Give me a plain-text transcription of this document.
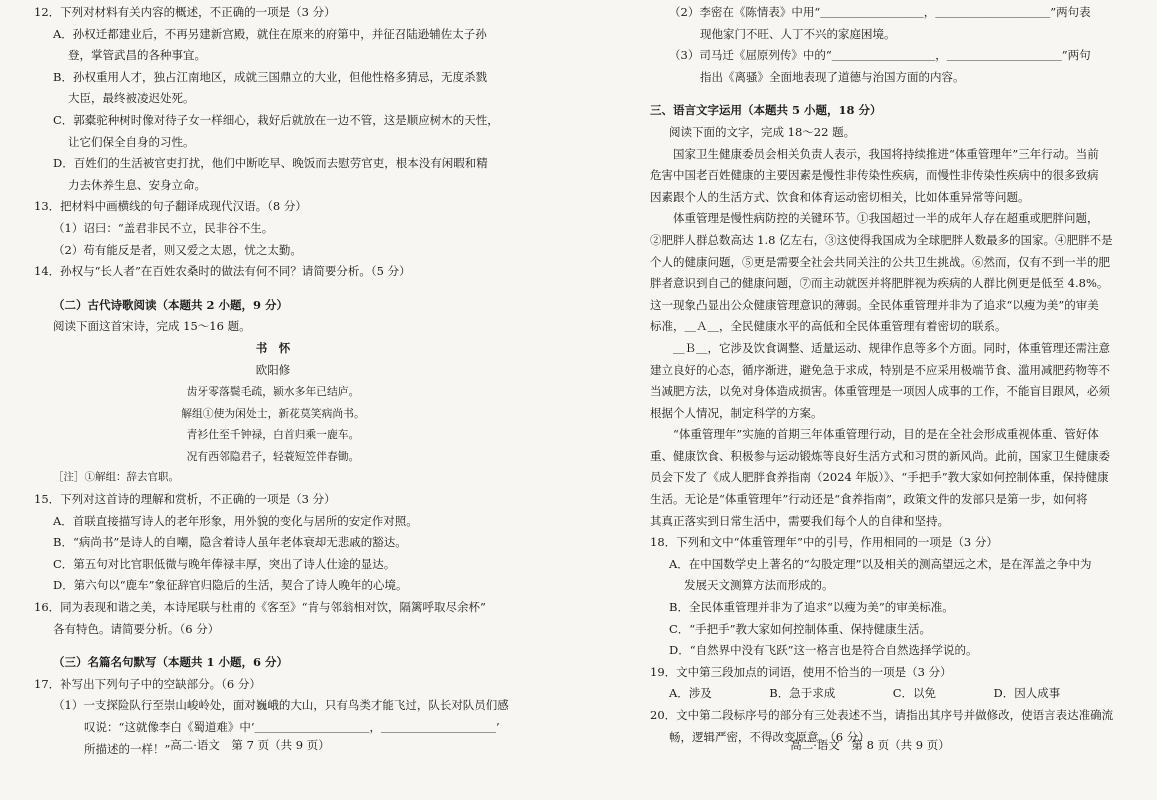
12．下列对材料有关内容的概述，不正确的一项是（3 分）
A．孙权迁都建业后，不再另建新宫殿，就住在原来的府第中，并征召陆逊辅佐太子孙
登，掌管武昌的各种事宜。
B．孙权重用人才，独占江南地区，成就三国鼎立的大业，但他性格多猜忌，无度杀戮
大臣，最终被凌迟处死。
C．郭橐驼种树时像对待子女一样细心，栽好后就放在一边不管，这是顺应树木的天性，
让它们保全自身的习性。
D．百姓们的生活被官吏打扰，他们中断吃早、晚饭而去慰劳官吏，根本没有闲暇和精
力去休养生息、安身立命。
13．把材料中画横线的句子翻译成现代汉语。（8 分）
（1）诏曰：“盖君非民不立，民非谷不生。
（2）苟有能反是者，则又爱之太恩，忧之太勤。
14．孙权与“长人者”在百姓农桑时的做法有何不同？请简要分析。（5 分）
（二）古代诗歌阅读（本题共 2 小题，9 分）
阅读下面这首宋诗，完成 15～16 题。
书　怀
欧阳修
齿牙零落鬓毛疏，颍水多年已结庐。
解组①使为闲处士，新花莫笑病尚书。
青衫仕至千钟禄，白首归乘一鹿车。
况有西邻隐君子，轻蓑短笠伴春锄。
［注］①解组：辞去官职。
15．下列对这首诗的理解和赏析，不正确的一项是（3 分）
A．首联直接描写诗人的老年形象，用外貌的变化与居所的安定作对照。
B．“病尚书”是诗人的自嘲，隐含着诗人虽年老体衰却无悲戚的豁达。
C．第五句对比官职低微与晚年俸禄丰厚，突出了诗人仕途的显达。
D．第六句以“鹿车”象征辞官归隐后的生活，契合了诗人晚年的心境。
16．同为表现和谐之美，本诗尾联与杜甫的《客至》“肯与邻翁相对饮，隔篱呼取尽余杯”
各有特色。请简要分析。（6 分）
（三）名篇名句默写（本题共 1 小题，6 分）
17．补写出下列句子中的空缺部分。（6 分）
（1）一支探险队行至崇山峻岭处，面对巍峨的大山，只有鸟类才能飞过，队长对队员们感
叹说：“这就像李白《蜀道难》中‘＿＿＿＿＿＿＿＿＿＿，＿＿＿＿＿＿＿＿＿＿’
所描述的一样！” 高二·语文　第 7 页（共 9 页）
（2）李密在《陈情表》中用“＿＿＿＿＿＿＿＿＿，＿＿＿＿＿＿＿＿＿＿”两句表
现他家门不旺、人丁不兴的家庭困境。
（3）司马迁《屈原列传》中的“＿＿＿＿＿＿＿＿＿，＿＿＿＿＿＿＿＿＿＿”两句
指出《离骚》全面地表现了道德与治国方面的内容。
三、语言文字运用（本题共 5 小题，18 分）
阅读下面的文字，完成 18～22 题。
国家卫生健康委员会相关负责人表示，我国将持续推进“体重管理年”三年行动。当前
危害中国老百姓健康的主要因素是慢性非传染性疾病，而慢性非传染性疾病中的很多致病
因素跟个人的生活方式、饮食和体育运动密切相关，比如体重异常等问题。
体重管理是慢性病防控的关键环节。①我国超过一半的成年人存在超重或肥胖问题，
②肥胖人群总数高达 1.8 亿左右，③这使得我国成为全球肥胖人数最多的国家。④肥胖不是
个人的健康问题，⑤更是需要全社会共同关注的公共卫生挑战。⑥然而，仅有不到一半的肥
胖者意识到自己的健康问题，⑦而主动就医并将肥胖视为疾病的人群比例更是低至 4.8%。
这一现象凸显出公众健康管理意识的薄弱。全民体重管理并非为了追求“以瘦为美”的审美
标准，＿Ａ＿，全民健康水平的高低和全民体重管理有着密切的联系。
＿Ｂ＿，它涉及饮食调整、适量运动、规律作息等多个方面。同时，体重管理还需注意
建立良好的心态，循序渐进，避免急于求成，特别是不应采用极端节食、滥用减肥药物等不
当减肥方法，以免对身体造成损害。体重管理是一项因人成事的工作，不能盲目跟风，必须
根据个人情况，制定科学的方案。
“体重管理年”实施的首期三年体重管理行动，目的是在全社会形成重视体重、管好体
重、健康饮食、积极参与运动锻炼等良好生活方式和习贯的新风尚。此前，国家卫生健康委
员会下发了《成人肥胖食养指南（2024 年版）》、“手把手”教大家如何控制体重，保持健康
生活。无论是“体重管理年”行动还是“食养指南”，政策文件的发部只是第一步，如何将
其真正落实到日常生活中，需要我们每个人的自律和坚持。
18．下列和文中“体重管理年”中的引号，作用相同的一项是（3 分）
A．在中国数学史上著名的“勾股定理”以及相关的测高望远之术，是在浑盖之争中为
发展天文测算方法而形成的。
B．全民体重管理并非为了追求“以瘦为美”的审美标准。
C．“手把手”教大家如何控制体重、保持健康生活。
D．“自然界中没有飞跃”这一格言也是符合自然选择学说的。
19．文中第三段加点的词语，使用不恰当的一项是（3 分）
A．涉及　　　　　B．急于求成　　　　　C．以免　　　　　D．因人成事
20．文中第二段标序号的部分有三处表述不当，请指出其序号并做修改，使语言表达准确流
畅，逻辑严密，不得改变原意。（6 分）
高二·语文　第 8 页（共 9 页）
